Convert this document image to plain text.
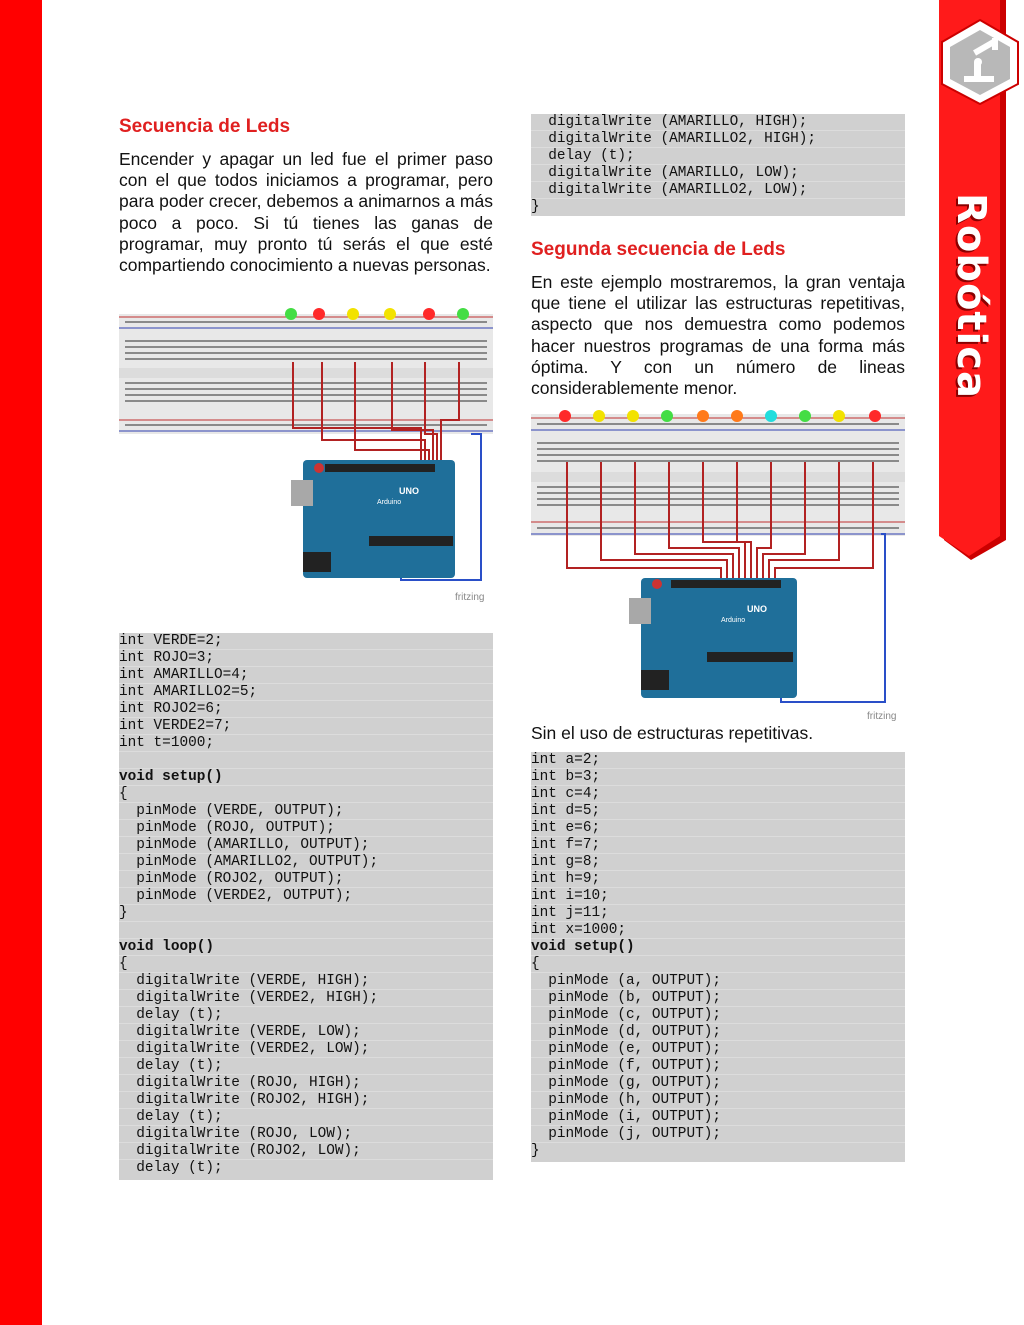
Robótica
Secuencia de Leds
Encender y apagar un led fue el primer paso con el que todos iniciamos a programar, pero para poder crecer, debemos a animarnos a más poco a poco. Si tú tienes las ganas de programar, muy pronto tú serás el que esté compartiendo conocimiento a nuevas personas.
UNO
Arduino
fritzing
int VERDE=2;
int ROJO=3;
int AMARILLO=4;
int AMARILLO2=5;
int ROJO2=6;
int VERDE2=7;
int t=1000;

void setup()
{
pinMode (VERDE, OUTPUT);
pinMode (ROJO, OUTPUT);
pinMode (AMARILLO, OUTPUT);
pinMode (AMARILLO2, OUTPUT);
pinMode (ROJO2, OUTPUT);
pinMode (VERDE2, OUTPUT);
}

void loop()
{
digitalWrite (VERDE, HIGH);
digitalWrite (VERDE2, HIGH);
delay (t);
digitalWrite (VERDE, LOW);
digitalWrite (VERDE2, LOW);
delay (t);
digitalWrite (ROJO, HIGH);
digitalWrite (ROJO2, HIGH);
delay (t);
digitalWrite (ROJO, LOW);
digitalWrite (ROJO2, LOW);
delay (t);
digitalWrite (AMARILLO, HIGH);
digitalWrite (AMARILLO2, HIGH);
delay (t);
digitalWrite (AMARILLO, LOW);
digitalWrite (AMARILLO2, LOW);
}
Segunda secuencia de Leds
En este ejemplo mostraremos, la gran ventaja que tiene el utilizar las estructuras repetitivas, aspecto que nos demuestra como podemos hacer nuestros programas de una forma más óptima. Y con un número de lineas considerablemente menor.
UNO
Arduino
fritzing
Sin el uso de estructuras repetitivas.
int a=2;
int b=3;
int c=4;
int d=5;
int e=6;
int f=7;
int g=8;
int h=9;
int i=10;
int j=11;
int x=1000;
void setup()
{
pinMode (a, OUTPUT);
pinMode (b, OUTPUT);
pinMode (c, OUTPUT);
pinMode (d, OUTPUT);
pinMode (e, OUTPUT);
pinMode (f, OUTPUT);
pinMode (g, OUTPUT);
pinMode (h, OUTPUT);
pinMode (i, OUTPUT);
pinMode (j, OUTPUT);
}
